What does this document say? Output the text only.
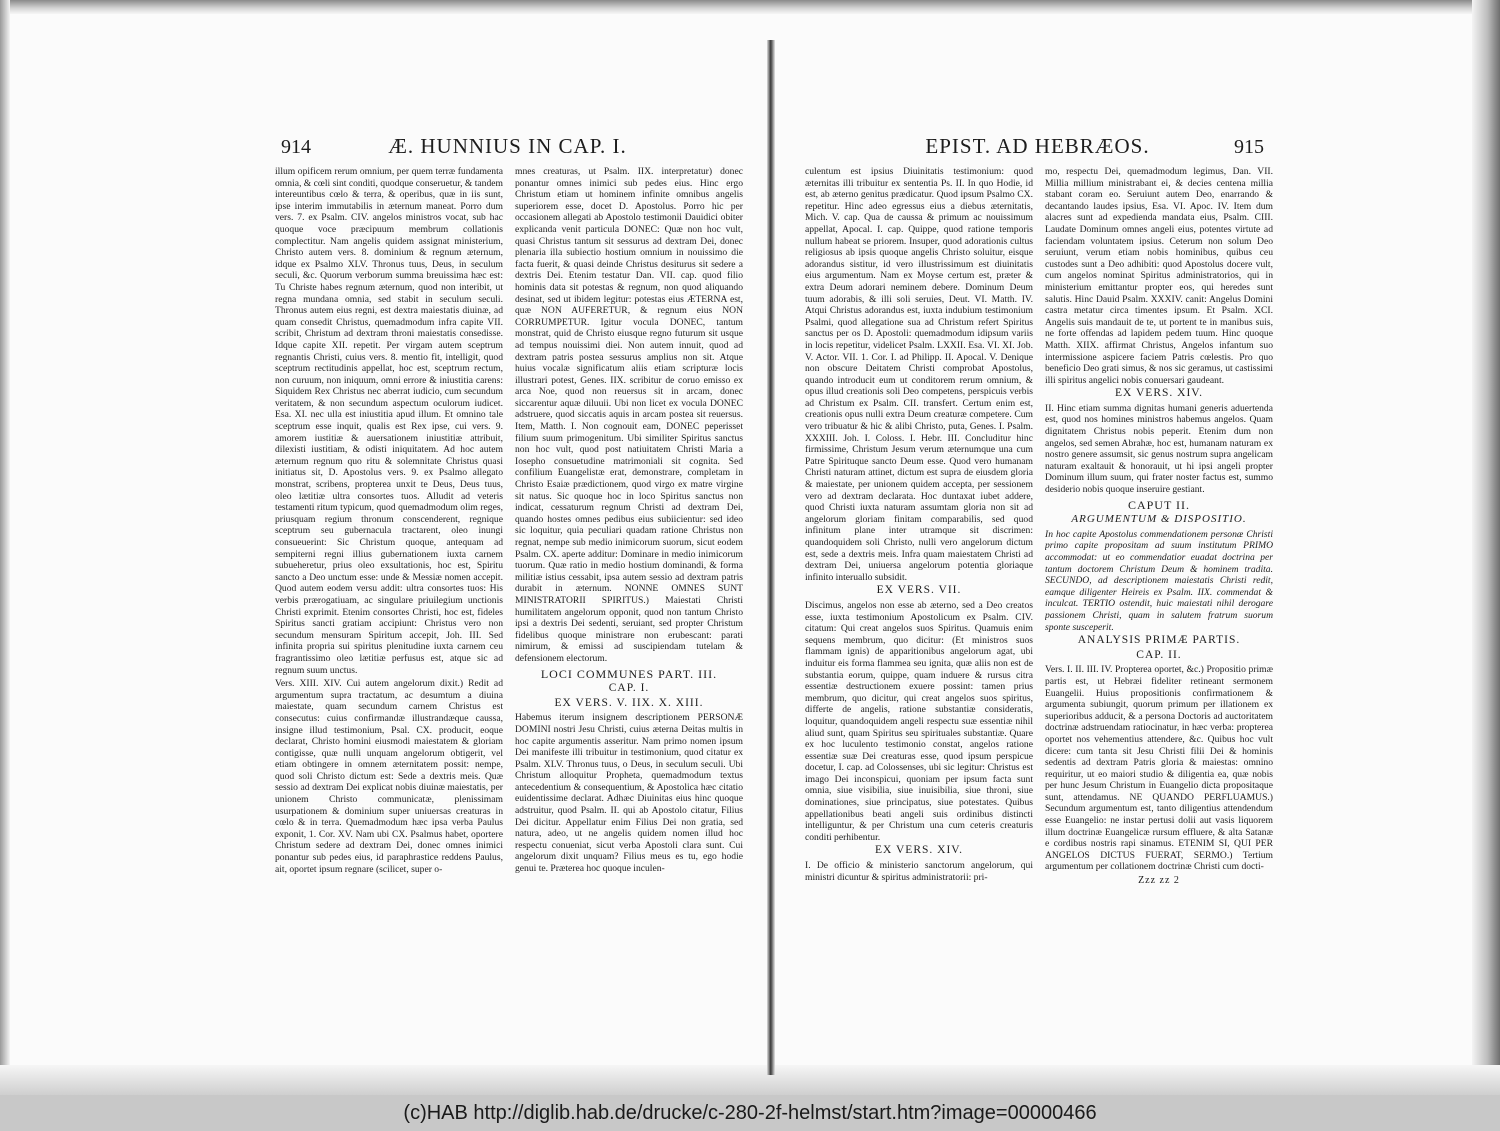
914	Æ. HUNNIUS IN CAP. I.

illum opificem rerum omnium, per quem terræ fundamenta omnia, & cœli sint conditi, quodque conseruetur, & tandem intereuntibus cœlo & terra, & operibus, quæ in iis sunt, ipse interim immutabilis in æternum maneat. Porro dum vers. 7. ex Psalm. CIV. angelos ministros vocat, sub hac quoque voce præcipuum membrum collationis complectitur. Nam angelis quidem assignat ministerium, Christo autem vers. 8. dominium & regnum æternum, idque ex Psalmo XLV. Thronus tuus, Deus, in seculum seculi, &c. Quorum verborum summa breuissima hæc est: Tu Christe habes regnum æternum, quod non interibit, ut regna mundana omnia, sed stabit in seculum seculi. Thronus autem eius regni, est dextra maiestatis diuinæ, ad quam consedit Christus, quemadmodum infra capite VII. scribit, Christum ad dextram throni maiestatis consedisse. Idque capite XII. repetit. Per virgam autem sceptrum regnantis Christi, cuius vers. 8. mentio fit, intelligit, quod sceptrum rectitudinis appellat, hoc est, sceptrum rectum, non curuum, non iniquum, omni errore & iniustitia carens: Siquidem Rex Christus nec aberrat iudicio, cum secundum veritatem, & non secundum aspectum oculorum iudicet. Esa. XI. nec ulla est iniustitia apud illum. Et omnino tale sceptrum esse inquit, qualis est Rex ipse, cui vers. 9. amorem iustitiæ & auersationem iniustitiæ attribuit, dilexisti iustitiam, & odisti iniquitatem. Ad hoc autem æternum regnum quo ritu & solemnitate Christus quasi initiatus sit, D. Apostolus vers. 9. ex Psalmo allegato monstrat, scribens, propterea unxit te Deus, Deus tuus, oleo lætitiæ ultra consortes tuos. Alludit ad veteris testamenti ritum typicum, quod quemadmodum olim reges, priusquam regium thronum conscenderent, regnique sceptrum seu gubernacula tractarent, oleo inungi consueuerint: Sic Christum quoque, antequam ad sempiterni regni illius gubernationem iuxta carnem subueheretur, prius oleo exsultationis, hoc est, Spiritu sancto a Deo unctum esse: unde & Messiæ nomen accepit. Quod autem eodem versu addit: ultra consortes tuos: His verbis prærogatiuam, ac singulare priuilegium unctionis Christi exprimit. Etenim consortes Christi, hoc est, fideles Spiritus sancti gratiam accipiunt: Christus vero non secundum mensuram Spiritum accepit, Joh. III. Sed infinita propria sui spiritus plenitudine iuxta carnem ceu fragrantissimo oleo lætitiæ perfusus est, atque sic ad regnum suum unctus.

Vers. XIII. XIV. Cui autem angelorum dixit.) Redit ad argumentum supra tractatum, ac desumtum a diuina maiestate, quam secundum carnem Christus est consecutus: cuius confirmandæ illustrandæque caussa, insigne illud testimonium, Psal. CX. producit, eoque declarat, Christo homini eiusmodi maiestatem & gloriam contigisse, quæ nulli unquam angelorum obtigerit, vel etiam obtingere in omnem æternitatem possit: nempe, quod soli Christo dictum est: Sede a dextris meis. Quæ sessio ad dextram Dei explicat nobis diuinæ maiestatis, per unionem Christo communicatæ, plenissimam usurpationem & dominium super uniuersas creaturas in cœlo & in terra. Quemadmodum hæc ipsa verba Paulus exponit, 1. Cor. XV. Nam ubi CX. Psalmus habet, oportere Christum sedere ad dextram Dei, donec omnes inimici ponantur sub pedes eius, id paraphrastice reddens Paulus, ait, oportet ipsum regnare (scilicet, super o-

mnes creaturas, ut Psalm. IIX. interpretatur) donec ponantur omnes inimici sub pedes eius. Hinc ergo Christum etiam ut hominem infinite omnibus angelis superiorem esse, docet D. Apostolus. Porro hic per occasionem allegati ab Apostolo testimonii Dauidici obiter explicanda venit particula DONEC: Quæ non hoc vult, quasi Christus tantum sit sessurus ad dextram Dei, donec plenaria illa subiectio hostium omnium in nouissimo die facta fuerit, & quasi deinde Christus desiturus sit sedere a dextris Dei. Etenim testatur Dan. VII. cap. quod filio hominis data sit potestas & regnum, non quod aliquando desinat, sed ut ibidem legitur: potestas eius ÆTERNA est, quæ NON AUFERETUR, & regnum eius NON CORRUMPETUR. Igitur vocula DONEC, tantum monstrat, quid de Christo eiusque regno futurum sit usque ad tempus nouissimi diei. Non autem innuit, quod ad dextram patris postea sessurus amplius non sit. Atque huius vocalæ significatum aliis etiam scripturæ locis illustrari potest, Genes. IIX. scribitur de coruo emisso ex arca Noe, quod non reuersus sit in arcam, donec siccarentur aquæ diluuii. Ubi non licet ex vocula DONEC adstruere, quod siccatis aquis in arcam postea sit reuersus. Item, Matth. I. Non cognouit eam, DONEC peperisset filium suum primogenitum. Ubi similiter Spiritus sanctus non hoc vult, quod post natiuitatem Christi Maria a Iosepho consuetudine matrimoniali sit cognita. Sed confilium Euangelistæ erat, demonstrare, completam in Christo Esaiæ prædictionem, quod virgo ex matre virgine sit natus. Sic quoque hoc in loco Spiritus sanctus non indicat, cessaturum regnum Christi ad dextram Dei, quando hostes omnes pedibus eius subiicientur: sed ideo sic loquitur, quia peculiari quadam ratione Christus non regnat, nempe sub medio inimicorum suorum, sicut eodem Psalm. CX. aperte additur: Dominare in medio inimicorum tuorum. Quæ ratio in medio hostium dominandi, & forma militiæ istius cessabit, ipsa autem sessio ad dextram patris durabit in æternum. NONNE OMNES SUNT MINISTRATORII SPIRITUS.) Maiestati Christi humilitatem angelorum opponit, quod non tantum Christo ipsi a dextris Dei sedenti, seruiant, sed propter Christum fidelibus quoque ministrare non erubescant: parati nimirum, & emissi ad suscipiendam tutelam & defensionem electorum.

LOCI COMMUNES PART. III.
CAP. I.
EX VERS. V. IIX. X. XIII.

Habemus iterum insignem descriptionem PERSONÆ DOMINI nostri Jesu Christi, cuius æterna Deitas multis in hoc capite argumentis asseritur. Nam primo nomen ipsum Dei manifeste illi tribuitur in testimonium, quod citatur ex Psalm. XLV. Thronus tuus, o Deus, in seculum seculi. Ubi Christum alloquitur Propheta, quemadmodum textus antecedentium & consequentium, & Apostolica hæc citatio euidentissime declarat. Adhæc Diuinitas eius hinc quoque adstruitur, quod Psalm. II. qui ab Apostolo citatur, Filius Dei dicitur. Appellatur enim Filius Dei non gratia, sed natura, adeo, ut ne angelis quidem nomen illud hoc respectu conueniat, sicut verba Apostoli clara sunt. Cui angelorum dixit unquam? Filius meus es tu, ego hodie genui te. Præterea hoc quoque inculen-

EPIST. AD HEBRÆOS.	915

culentum est ipsius Diuinitatis testimonium: quod æternitas illi tribuitur ex sententia Ps. II. In quo Hodie, id est, ab æterno genitus prædicatur. Quod ipsum Psalmo CX. repetitur. Hinc adeo egressus eius a diebus æternitatis, Mich. V. cap. Qua de caussa & primum ac nouissimum appellat, Apocal. I. cap. Quippe, quod ratione temporis nullum habeat se priorem. Insuper, quod adorationis cultus religiosus ab ipsis quoque angelis Christo soluitur, eisque adorandus sistitur, id vero illustrissimum est diuinitatis eius argumentum. Nam ex Moyse certum est, præter & extra Deum adorari neminem debere. Dominum Deum tuum adorabis, & illi soli seruies, Deut. VI. Matth. IV. Atqui Christus adorandus est, iuxta indubium testimonium Psalmi, quod allegatione sua ad Christum refert Spiritus sanctus per os D. Apostoli: quemadmodum idipsum variis in locis repetitur, videlicet Psalm. LXXII. Esa. VI. XI. Job. V. Actor. VII. 1. Cor. I. ad Philipp. II. Apocal. V. Denique non obscure Deitatem Christi comprobat Apostolus, quando introducit eum ut conditorem rerum omnium, & opus illud creationis soli Deo competens, perspicuis verbis ad Christum ex Psalm. CII. transfert. Certum enim est, creationis opus nulli extra Deum creaturæ competere. Cum vero tribuatur & hic & alibi Christo, puta, Genes. I. Psalm. XXXIII. Joh. I. Coloss. I. Hebr. III. Concluditur hinc firmissime, Christum Jesum verum æternumque una cum Patre Spirituque sancto Deum esse. Quod vero humanam Christi naturam attinet, dictum est supra de eiusdem gloria & maiestate, per unionem quidem accepta, per sessionem vero ad dextram declarata. Hoc duntaxat iubet addere, quod Christi iuxta naturam assumtam gloria non sit ad angelorum gloriam finitam comparabilis, sed quod infinitum plane inter utramque sit discrimen: quandoquidem soli Christo, nulli vero angelorum dictum est, sede a dextris meis. Infra quam maiestatem Christi ad dextram Dei, uniuersa angelorum potentia gloriaque infinito interuallo subsidit.

EX VERS. VII.

Discimus, angelos non esse ab æterno, sed a Deo creatos esse, iuxta testimonium Apostolicum ex Psalm. CIV. citatum: Qui creat angelos suos Spiritus. Quamuis enim sequens membrum, quo dicitur: (Et ministros suos flammam ignis) de apparitionibus angelorum agat, ubi induitur eis forma flammea seu ignita, quæ aliis non est de substantia eorum, quippe, quam induere & rursus citra essentiæ destructionem exuere possint: tamen prius membrum, quo dicitur, qui creat angelos suos spiritus, differte de angelis, ratione substantiæ consideratis, loquitur, quandoquidem angeli respectu suæ essentiæ nihil aliud sunt, quam Spiritus seu spirituales substantiæ. Quare ex hoc luculento testimonio constat, angelos ratione essentiæ suæ Dei creaturas esse, quod ipsum perspicue docetur, I. cap. ad Colossenses, ubi sic legitur: Christus est imago Dei inconspicui, quoniam per ipsum facta sunt omnia, siue visibilia, siue inuisibilia, siue throni, siue dominationes, siue principatus, siue potestates. Quibus appellationibus beati angeli suis ordinibus distincti intelliguntur, & per Christum una cum ceteris creaturis conditi perhibentur.

EX VERS. XIV.

I. De officio & ministerio sanctorum angelorum, qui ministri dicuntur & spiritus administratorii: pri-

mo, respectu Dei, quemadmodum legimus, Dan. VII. Millia millium ministrabant ei, & decies centena millia stabant coram eo. Seruiunt autem Deo, enarrando & decantando laudes ipsius, Esa. VI. Apoc. IV. Item dum alacres sunt ad expedienda mandata eius, Psalm. CIII. Laudate Dominum omnes angeli eius, potentes virtute ad faciendam voluntatem ipsius. Ceterum non solum Deo seruiunt, verum etiam nobis hominibus, quibus ceu custodes sunt a Deo adhibiti: quod Apostolus docere vult, cum angelos nominat Spiritus administratorios, qui in ministerium emittantur propter eos, qui heredes sunt salutis. Hinc Dauid Psalm. XXXIV. canit: Angelus Domini castra metatur circa timentes ipsum. Et Psalm. XCI. Angelis suis mandauit de te, ut portent te in manibus suis, ne forte offendas ad lapidem pedem tuum. Hinc quoque Matth. XIIX. affirmat Christus, Angelos infantum suo intermissione aspicere faciem Patris cœlestis. Pro quo beneficio Deo grati simus, & nos sic geramus, ut castissimi illi spiritus angelici nobis conuersari gaudeant.

EX VERS. XIV.

II. Hinc etiam summa dignitas humani generis aduertenda est, quod nos homines ministros habemus angelos. Quam dignitatem Christus nobis peperit. Etenim dum non angelos, sed semen Abrahæ, hoc est, humanam naturam ex nostro genere assumsit, sic genus nostrum supra angelicam naturam exaltauit & honorauit, ut hi ipsi angeli propter Dominum illum suum, qui frater noster factus est, summo desiderio nobis quoque inseruire gestiant.

CAPUT II.
ARGUMENTUM & DISPOSITIO.

In hoc capite Apostolus commendationem personæ Christi primo capite propositam ad suum institutum PRIMO accommodat: ut eo commendatior euadat doctrina per tantum doctorem Christum Deum & hominem tradita. SECUNDO, ad descriptionem maiestatis Christi redit, eamque diligenter Heireis ex Psalm. IIX. commendat & inculcat. TERTIO ostendit, huic maiestati nihil derogare passionem Christi, quam in salutem fratrum suorum sponte susceperit.

ANALYSIS PRIMÆ PARTIS.
CAP. II.

Vers. I. II. III. IV. Propterea oportet, &c.) Propositio primæ partis est, ut Hebræi fideliter retineant sermonem Euangelii. Huius propositionis confirmationem & argumenta subiungit, quorum primum per illationem ex superioribus adducit, & a persona Doctoris ad auctoritatem doctrinæ adstruendam ratiocinatur, in hæc verba: propterea oportet nos vehementius attendere, &c. Quibus hoc vult dicere: cum tanta sit Jesu Christi filii Dei & hominis sedentis ad dextram Patris gloria & maiestas: omnino requiritur, ut eo maiori studio & diligentia ea, quæ nobis per hunc Jesum Christum in Euangelio dicta propositaque sunt, attendamus. NE QUANDO PERFLUAMUS.) Secundum argumentum est, tanto diligentius attendendum esse Euangelio: ne instar pertusi dolii aut vasis liquorem illum doctrinæ Euangelicæ rursum effluere, & alta Satanæ e cordibus nostris rapi sinamus. ETENIM SI, QUI PER ANGELOS DICTUS FUERAT, SERMO.) Tertium argumentum per collationem doctrinæ Christi cum docti-

Zzz zz 2
(c)HAB http://diglib.hab.de/drucke/c-280-2f-helmst/start.htm?image=00000466
